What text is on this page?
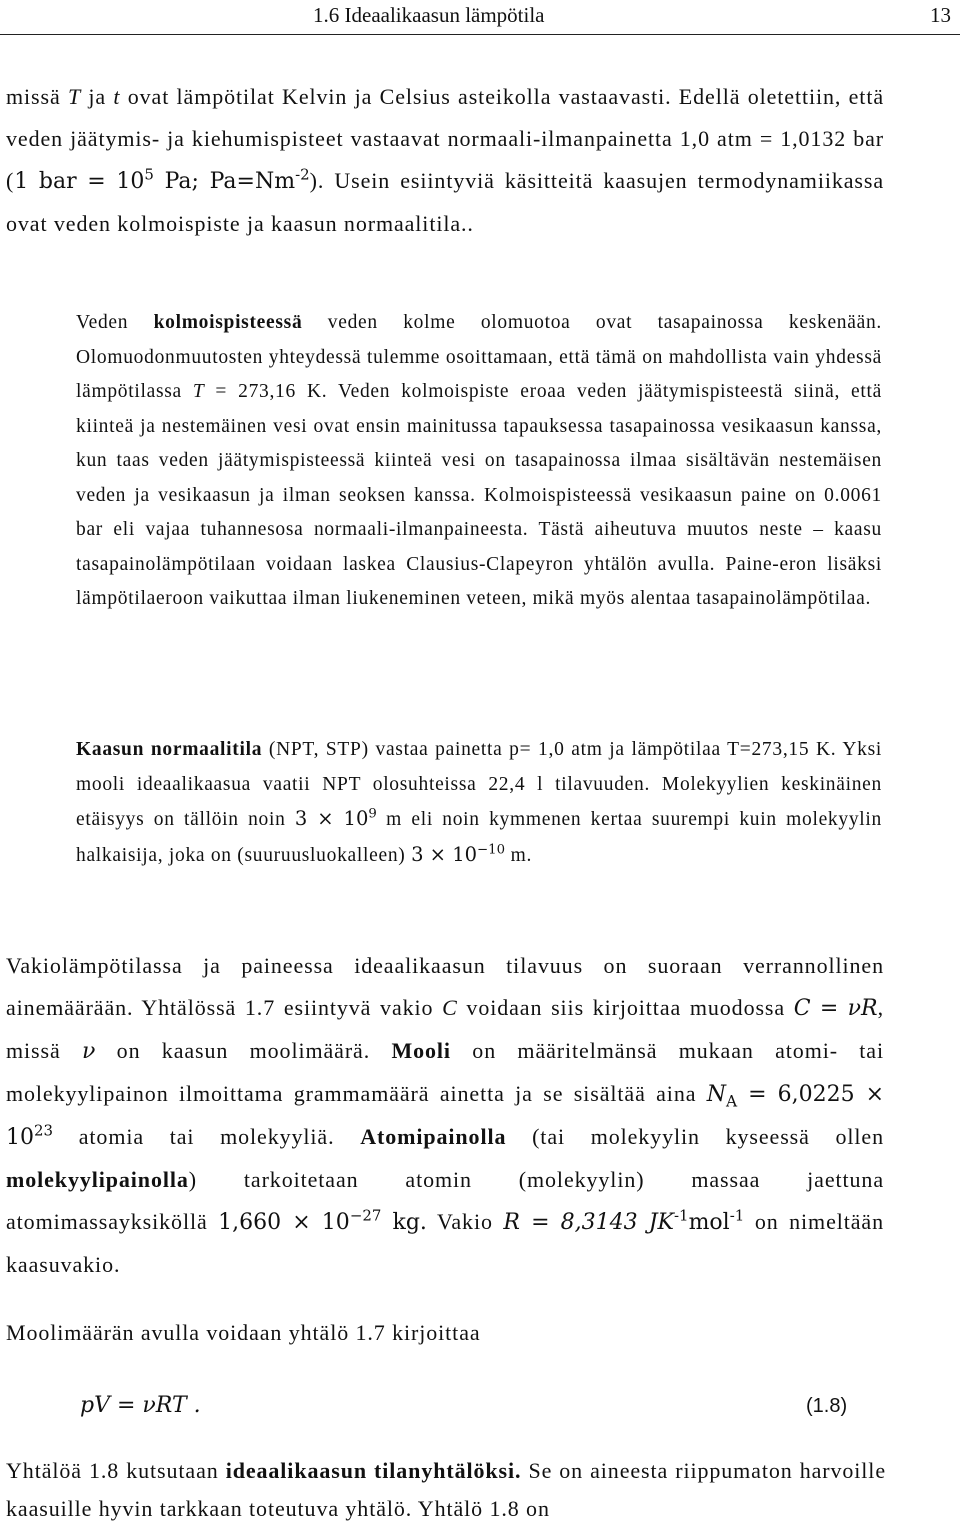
1.6 Ideaalikaasun lämpötila	13

missä T ja t ovat lämpötilat Kelvin ja Celsius asteikolla vastaavasti. Edellä oletettiin, että veden jäätymis- ja kiehumispisteet vastaavat normaali-ilmanpainetta 1,0 atm = 1,0132 bar (1 bar = $10^5$ Pa; $Pa=Nm^{-2}$). Usein esiintyviä käsitteitä kaasujen termodynamiikassa ovat veden kolmoispiste ja kaasun normaalitila..

Veden kolmoispisteessä veden kolme olomuotoa ovat tasapainossa keskenään. Olomuodonmuutosten yhteydessä tulemme osoittamaan, että tämä on mahdollista vain yhdessä lämpötilassa T = 273,16 K. Veden kolmoispiste eroaa veden jäätymispisteestä siinä, että kiinteä ja nestemäinen vesi ovat ensin mainitussa tapauksessa tasapainossa vesikaasun kanssa, kun taas veden jäätymispisteessä kiinteä vesi on tasapainossa ilmaa sisältävän nestemäisen veden ja vesikaasun ja ilman seoksen kanssa. Kolmoispisteessä vesikaasun paine on 0.0061 bar eli vajaa tuhannesosa normaali-ilmanpaineesta. Tästä aiheutuva muutos neste – kaasu tasapainolämpötilaan voidaan laskea Clausius-Clapeyron yhtälön avulla. Paine-eron lisäksi lämpötilaeroon vaikuttaa ilman liukeneminen veteen, mikä myös alentaa tasapainolämpötilaa.

Kaasun normaalitila (NPT, STP) vastaa painetta p= 1,0 atm ja lämpötilaa T=273,15 K. Yksi mooli ideaalikaasua vaatii NPT olosuhteissa 22,4 l tilavuuden. Molekyylien keskinäinen etäisyys on tällöin noin $3 \times 10^9$ m eli noin kymmenen kertaa suurempi kuin molekyylin halkaisija, joka on (suuruusluokalleen) $3 \times 10^{-10}$ m.

Vakiolämpötilassa ja paineessa ideaalikaasun tilavuus on suoraan verrannollinen ainemäärään. Yhtälössä 1.7 esiintyvä vakio C voidaan siis kirjoittaa muodossa C = νR, missä ν on kaasun moolimäärä. Mooli on määritelmänsä mukaan atomi- tai molekyylipainon ilmoittama grammamäärä ainetta ja se sisältää aina $N_A = 6,0225 \times 10^{23}$ atomia tai molekyyliä. Atomipainolla (tai molekyylin kyseessä ollen molekyylipainolla) tarkoitetaan atomin (molekyylin) massaa jaettuna atomimassayksiköllä $1,660 \times 10^{-27}$ kg. Vakio R = 8,3143 $JK^{-1}mol^{-1}$ on nimeltään kaasuvakio.

Moolimäärän avulla voidaan yhtälö 1.7 kirjoittaa

pV = νRT .	(1.8)

Yhtälöä 1.8 kutsutaan ideaalikaasun tilanyhtälöksi. Se on aineesta riippumaton harvoille kaasuille hyvin tarkkaan toteutuva yhtälö. Yhtälö 1.8 on
